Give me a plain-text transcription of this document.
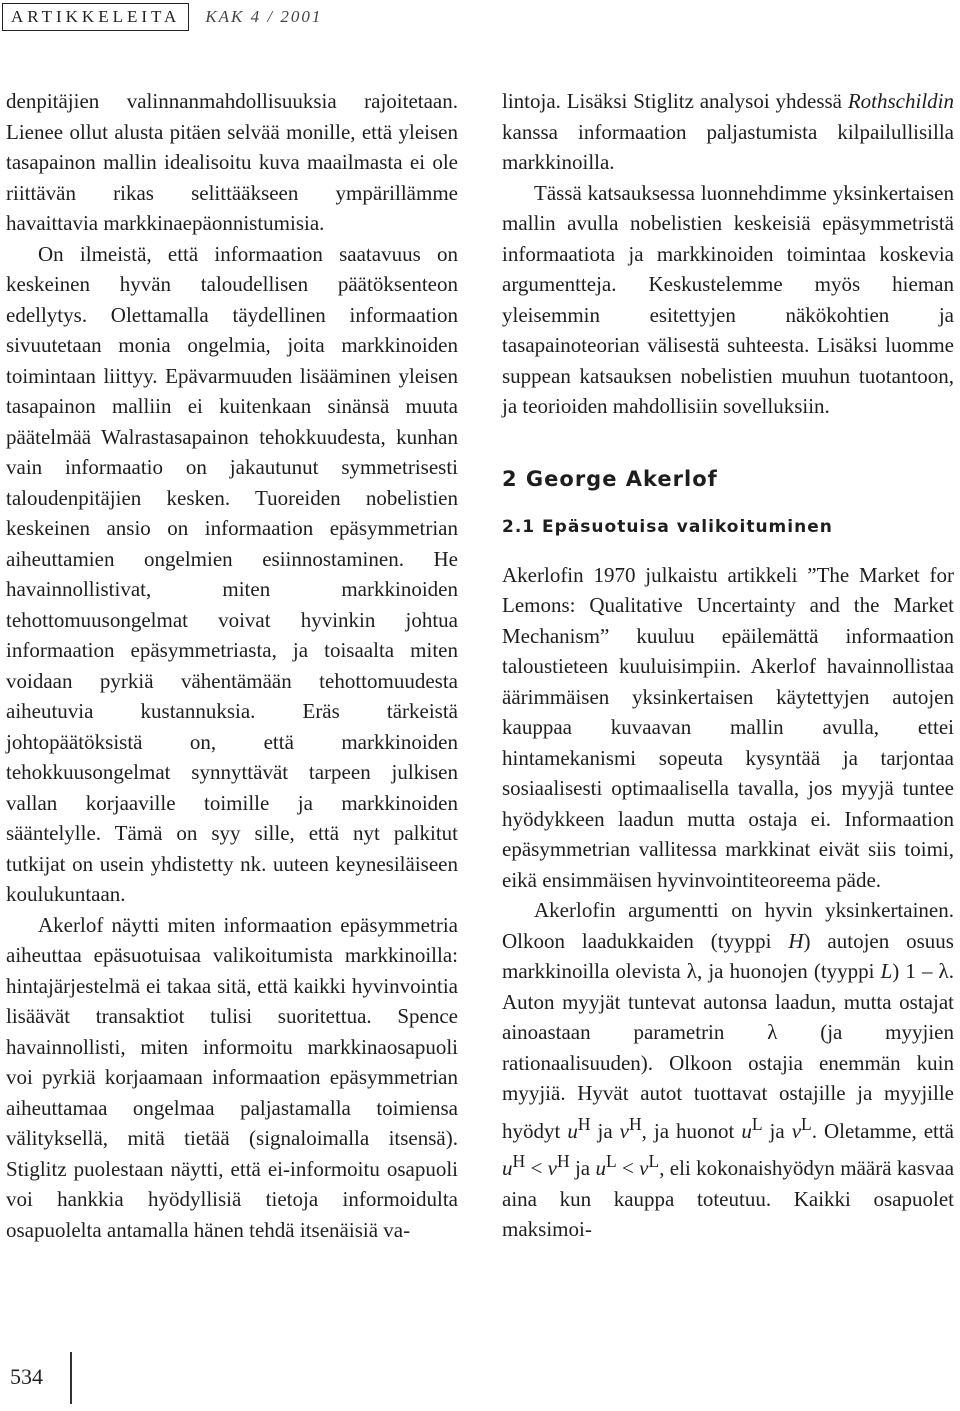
ARTIKKELEITA	KAK 4 / 2001

denpitäjien valinnanmahdollisuuksia rajoitetaan. Lienee ollut alusta pitäen selvää monille, että yleisen tasapainon mallin idealisoitu kuva maailmasta ei ole riittävän rikas selittääkseen ympärillämme havaittavia markkinaepäonnistumisia.

On ilmeistä, että informaation saatavuus on keskeinen hyvän taloudellisen päätöksenteon edellytys. Olettamalla täydellinen informaation sivuutetaan monia ongelmia, joita markkinoiden toimintaan liittyy. Epävarmuuden lisääminen yleisen tasapainon malliin ei kuitenkaan sinänsä muuta päätelmää Walrastasapainon tehokkuudesta, kunhan vain informaatio on jakautunut symmetrisesti taloudenpitäjien kesken. Tuoreiden nobelistien keskeinen ansio on informaation epäsymmetrian aiheuttamien ongelmien esiinnostaminen. He havainnollistivat, miten markkinoiden tehottomuusongelmat voivat hyvinkin johtua informaation epäsymmetriasta, ja toisaalta miten voidaan pyrkiä vähentämään tehottomuudesta aiheutuvia kustannuksia. Eräs tärkeistä johtopäätöksistä on, että markkinoiden tehokkuusongelmat synnyttävät tarpeen julkisen vallan korjaaville toimille ja markkinoiden sääntelylle. Tämä on syy sille, että nyt palkitut tutkijat on usein yhdistetty nk. uuteen keynesiläiseen koulukuntaan.

Akerlof näytti miten informaation epäsymmetria aiheuttaa epäsuotuisaa valikoitumista markkinoilla: hintajärjestelmä ei takaa sitä, että kaikki hyvinvointia lisäävät transaktiot tulisi suoritettua. Spence havainnollisti, miten informoitu markkinaosapuoli voi pyrkiä korjaamaan informaation epäsymmetrian aiheuttamaa ongelmaa paljastamalla toimiensa välityksellä, mitä tietää (signaloimalla itsensä). Stiglitz puolestaan näytti, että ei-informoitu osapuoli voi hankkia hyödyllisiä tietoja informoidulta osapuolelta antamalla hänen tehdä itsenäisiä va-

lintoja. Lisäksi Stiglitz analysoi yhdessä Rothschildin kanssa informaation paljastumista kilpailullisilla markkinoilla.

Tässä katsauksessa luonnehdimme yksinkertaisen mallin avulla nobelistien keskeisiä epäsymmetristä informaatiota ja markkinoiden toimintaa koskevia argumentteja. Keskustelemme myös hieman yleisemmin esitettyjen näkökohtien ja tasapainoteorian välisestä suhteesta. Lisäksi luomme suppean katsauksen nobelistien muuhun tuotantoon, ja teorioiden mahdollisiin sovelluksiin.

2 George Akerlof
2.1 Epäsuotuisa valikoituminen

Akerlofin 1970 julkaistu artikkeli ”The Market for Lemons: Qualitative Uncertainty and the Market Mechanism” kuuluu epäilemättä informaation taloustieteen kuuluisimpiin. Akerlof havainnollistaa äärimmäisen yksinkertaisen käytettyjen autojen kauppaa kuvaavan mallin avulla, ettei hintamekanismi sopeuta kysyntää ja tarjontaa sosiaalisesti optimaalisella tavalla, jos myyjä tuntee hyödykkeen laadun mutta ostaja ei. Informaation epäsymmetrian vallitessa markkinat eivät siis toimi, eikä ensimmäisen hyvinvointiteoreema päde.

Akerlofin argumentti on hyvin yksinkertainen. Olkoon laadukkaiden (tyyppi H) autojen osuus markkinoilla olevista λ, ja huonojen (tyyppi L) 1 – λ. Auton myyjät tuntevat autonsa laadun, mutta ostajat ainoastaan parametrin λ (ja myyjien rationaalisuuden). Olkoon ostajia enemmän kuin myyjiä. Hyvät autot tuottavat ostajille ja myyjille hyödyt $u^H$ ja $v^H$, ja huonot $u^L$ ja $v^L$. Oletamme, että $u^H < v^H$ ja $u^L < v^L$, eli kokonaishyödyn määrä kasvaa aina kun kauppa toteutuu. Kaikki osapuolet maksimoi-

534
